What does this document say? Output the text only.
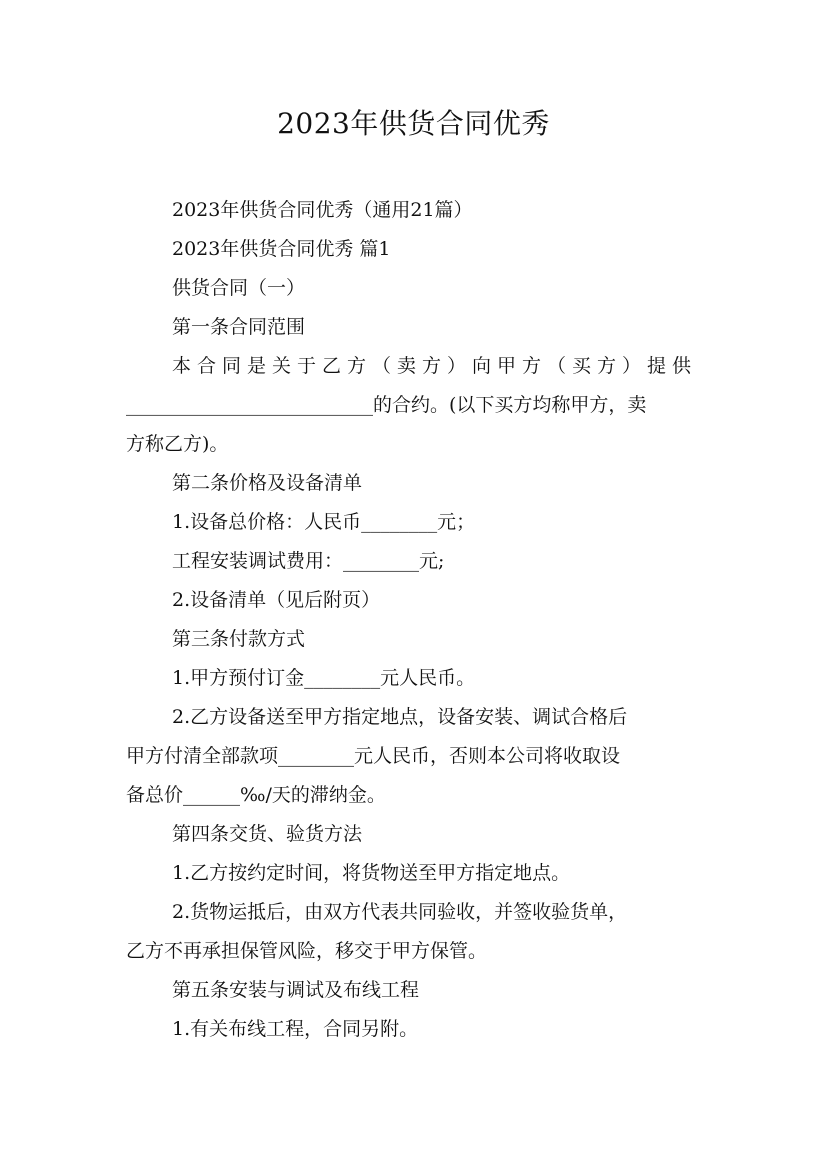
2023年供货合同优秀

2023年供货合同优秀（通用21篇）

2023年供货合同优秀 篇1

供货合同（一）

第一条合同范围

本合同是关于乙方（卖方）向甲方（买方）提供

__________________________的合约。(以下买方均称甲方，卖

方称乙方)。

第二条价格及设备清单

1.设备总价格：人民币________元；

工程安装调试费用：________元;

2.设备清单（见后附页）

第三条付款方式

1.甲方预付订金________元人民币。

2.乙方设备送至甲方指定地点，设备安装、调试合格后

甲方付清全部款项________元人民币，否则本公司将收取设

备总价______‰/天的滞纳金。

第四条交货、验货方法

1.乙方按约定时间，将货物送至甲方指定地点。

2.货物运抵后，由双方代表共同验收，并签收验货单，

乙方不再承担保管风险，移交于甲方保管。

第五条安装与调试及布线工程

1.有关布线工程，合同另附。
